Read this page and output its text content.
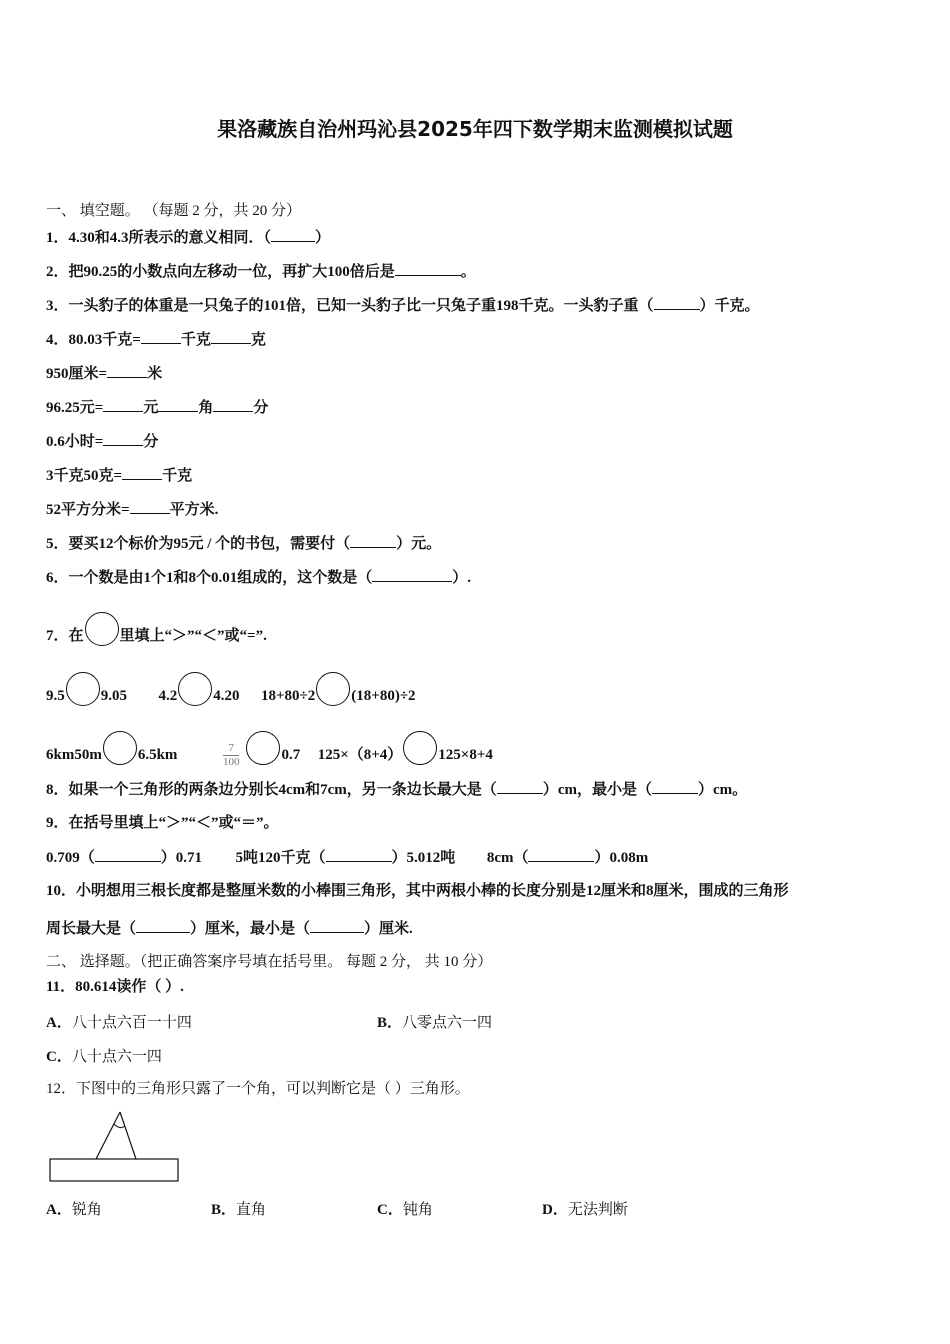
果洛藏族自治州玛沁县2025年四下数学期末监测模拟试题
一、 填空题。 （每题 2 分，共 20 分）
1．4.30和4.3所表示的意义相同．（	）
2．把90.25的小数点向左移动一位，再扩大100倍后是	。
3．一头豹子的体重是一只兔子的101倍，已知一头豹子比一只兔子重198千克。一头豹子重（	）千克。
4．80.03千克=	千克	克
950厘米=	米
96.25元=	元	角	分
0.6小时=	分
3千克50克=	千克
52平方分米=	平方米.
5．要买12个标价为95元 / 个的书包，需要付（	）元。
6．一个数是由1个1和8个0.01组成的，这个数是（	）.
7．在 里填上“＞”“＜”或“=”.
9.5 9.05 4.2 4.20 18+80÷2 (18+80)÷2
6km50m 6.5km	$\frac{7}{100}$	0.7 125×（8+4） 125×8+4
8．如果一个三角形的两条边分别长4cm和7cm，另一条边长最大是（	）cm，最小是（	）cm。
9．在括号里填上“＞”“＜”或“＝”。
0.709（	）0.71 5吨120千克（	）5.012吨 8cm（	）0.08m
10．小明想用三根长度都是整厘米数的小棒围三角形，其中两根小棒的长度分别是12厘米和8厘米，围成的三角形
周长最大是（	）厘米，最小是（	）厘米.
二、 选择题。（把正确答案序号填在括号里。 每题 2 分， 共 10 分）
11．80.614读作（ ）.
A．八十点六百一十四	B．八零点六一四
C．八十点六一四
12．下图中的三角形只露了一个角，可以判断它是（ ）三角形。
A．锐角	B．直角	C．钝角	D．无法判断
